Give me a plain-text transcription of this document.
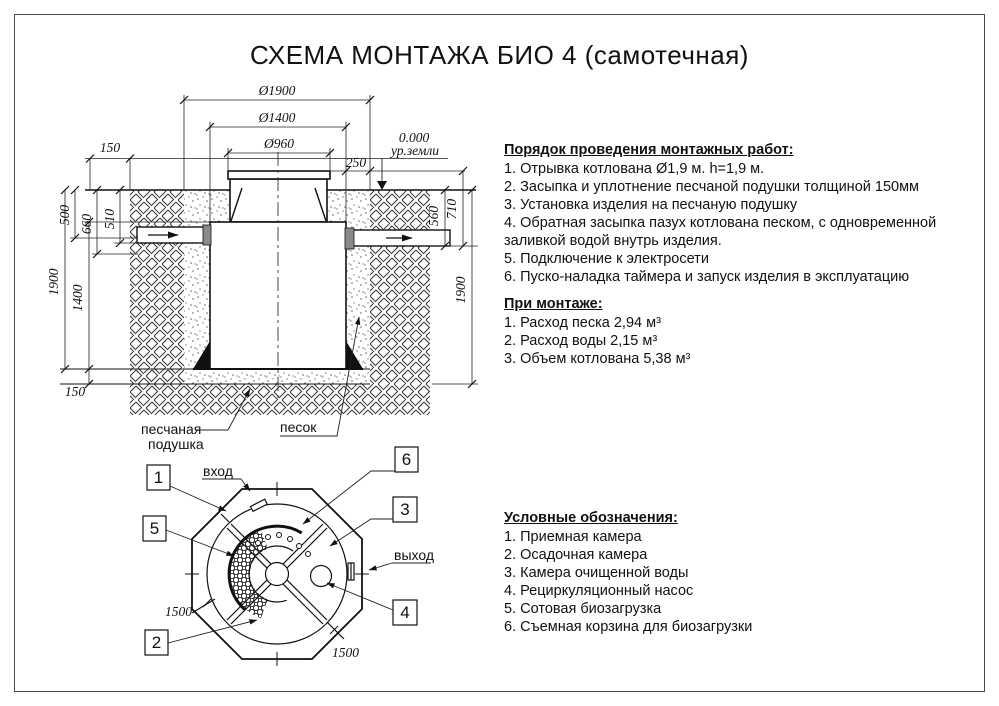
СХЕМА МОНТАЖА БИО 4 (самотечная)
Ø1900
Ø1400
Ø960
150
0.000
ур.земли
250
500 660 510
1900
1400
150
560 710
1900
песчаная
подушка
песок
вход
выход
1500
1500
1
5
2
6
3
4
Порядок проведения монтажных работ:
1. Отрывка котлована Ø1,9 м. h=1,9 м.
2. Засыпка и уплотнение песчаной подушки толщиной 150мм
3. Установка изделия на песчаную подушку
4. Обратная засыпка пазух котлована песком, с одновременной заливкой водой внутрь изделия.
5. Подключение к электросети
6. Пуско-наладка таймера и запуск изделия в эксплуатацию
При монтаже:
1. Расход песка 2,94 м³
2. Расход воды 2,15 м³
3. Объем котлована 5,38 м³
Условные обозначения:
1. Приемная камера
2. Осадочная камера
3. Камера очищенной воды
4. Рециркуляционный насос
5. Сотовая биозагрузка
6. Съемная корзина для биозагрузки
